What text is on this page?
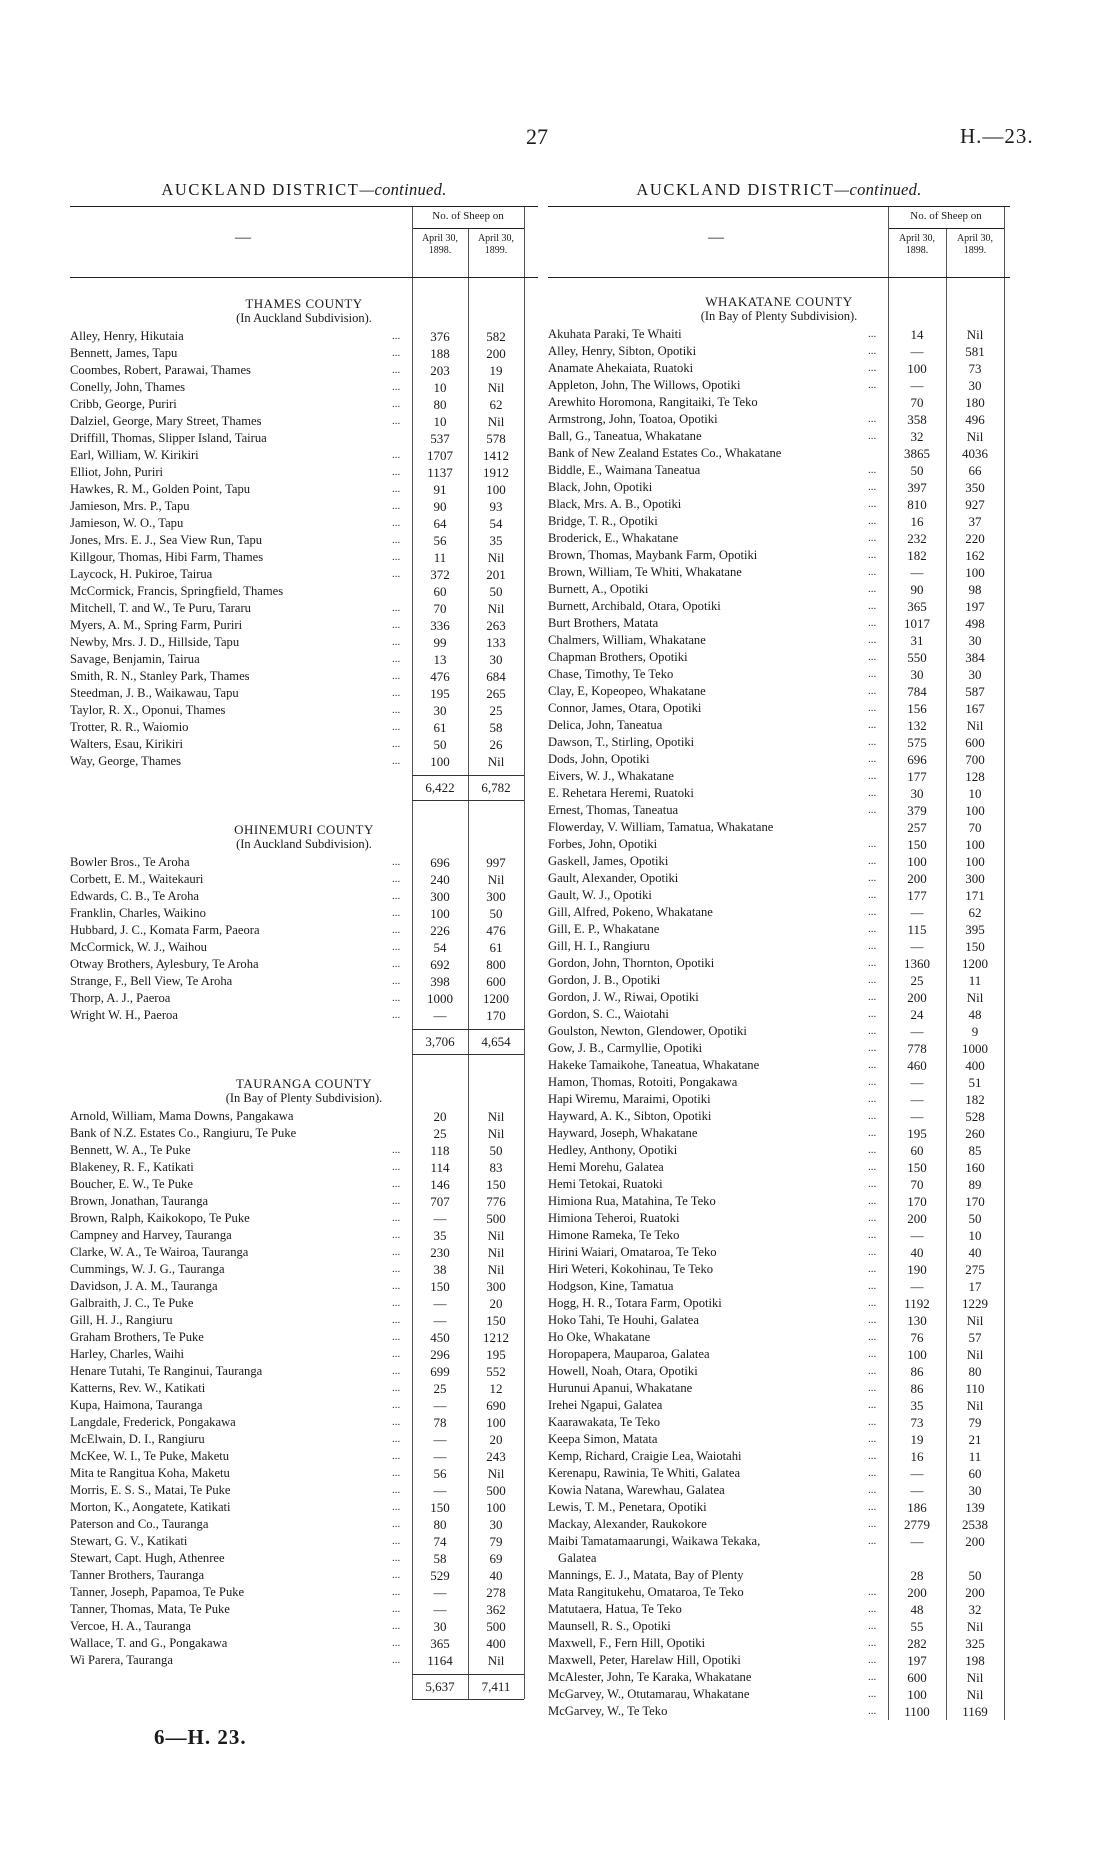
27	H.—23.
AUCKLAND DISTRICT—continued.
—
No. of Sheep on
April 30, 1898.
April 30, 1899.
THAMES COUNTY
(In Auckland Subdivision).
Alley, Henry, Hikutaia	...	376	582
Bennett, James, Tapu	...	188	200
Coombes, Robert, Parawai, Thames	...	203	19
Conelly, John, Thames	...	10	Nil
Cribb, George, Puriri	...	80	62
Dalziel, George, Mary Street, Thames	...	10	Nil
Driffill, Thomas, Slipper Island, Tairua	537	578
Earl, William, W. Kirikiri	...	1707	1412
Elliot, John, Puriri	...	1137	1912
Hawkes, R. M., Golden Point, Tapu	...	91	100
Jamieson, Mrs. P., Tapu	...	90	93
Jamieson, W. O., Tapu	...	64	54
Jones, Mrs. E. J., Sea View Run, Tapu	...	56	35
Killgour, Thomas, Hibi Farm, Thames	...	11	Nil
Laycock, H. Pukiroe, Tairua	...	372	201
McCormick, Francis, Springfield, Thames	60	50
Mitchell, T. and W., Te Puru, Tararu	...	70	Nil
Myers, A. M., Spring Farm, Puriri	...	336	263
Newby, Mrs. J. D., Hillside, Tapu	...	99	133
Savage, Benjamin, Tairua	...	13	30
Smith, R. N., Stanley Park, Thames	...	476	684
Steedman, J. B., Waikawau, Tapu	...	195	265
Taylor, R. X., Oponui, Thames	...	30	25
Trotter, R. R., Waiomio	...	61	58
Walters, Esau, Kirikiri	...	50	26
Way, George, Thames	...	100	Nil
6,422	6,782
OHINEMURI COUNTY
(In Auckland Subdivision).
Bowler Bros., Te Aroha	...	696	997
Corbett, E. M., Waitekauri	...	240	Nil
Edwards, C. B., Te Aroha	...	300	300
Franklin, Charles, Waikino	...	100	50
Hubbard, J. C., Komata Farm, Paeora	...	226	476
McCormick, W. J., Waihou	...	54	61
Otway Brothers, Aylesbury, Te Aroha	...	692	800
Strange, F., Bell View, Te Aroha	...	398	600
Thorp, A. J., Paeroa	...	1000	1200
Wright W. H., Paeroa	...	—	170
3,706	4,654
TAURANGA COUNTY
(In Bay of Plenty Subdivision).
Arnold, William, Mama Downs, Pangakawa	20	Nil
Bank of N.Z. Estates Co., Rangiuru, Te Puke	25	Nil
Bennett, W. A., Te Puke	...	118	50
Blakeney, R. F., Katikati	...	114	83
Boucher, E. W., Te Puke	...	146	150
Brown, Jonathan, Tauranga	...	707	776
Brown, Ralph, Kaikokopo, Te Puke	...	—	500
Campney and Harvey, Tauranga	...	35	Nil
Clarke, W. A., Te Wairoa, Tauranga	...	230	Nil
Cummings, W. J. G., Tauranga	...	38	Nil
Davidson, J. A. M., Tauranga	...	150	300
Galbraith, J. C., Te Puke	...	—	20
Gill, H. J., Rangiuru	...	—	150
Graham Brothers, Te Puke	...	450	1212
Harley, Charles, Waihi	...	296	195
Henare Tutahi, Te Ranginui, Tauranga	...	699	552
Katterns, Rev. W., Katikati	...	25	12
Kupa, Haimona, Tauranga	...	—	690
Langdale, Frederick, Pongakawa	...	78	100
McElwain, D. I., Rangiuru	...	—	20
McKee, W. I., Te Puke, Maketu	...	—	243
Mita te Rangitua Koha, Maketu	...	56	Nil
Morris, E. S. S., Matai, Te Puke	...	—	500
Morton, K., Aongatete, Katikati	...	150	100
Paterson and Co., Tauranga	...	80	30
Stewart, G. V., Katikati	...	74	79
Stewart, Capt. Hugh, Athenree	...	58	69
Tanner Brothers, Tauranga	...	529	40
Tanner, Joseph, Papamoa, Te Puke	...	—	278
Tanner, Thomas, Mata, Te Puke	...	—	362
Vercoe, H. A., Tauranga	...	30	500
Wallace, T. and G., Pongakawa	...	365	400
Wi Parera, Tauranga	...	1164	Nil
5,637	7,411
AUCKLAND DISTRICT—continued.
—
No. of Sheep on
April 30, 1898.
April 30, 1899.
WHAKATANE COUNTY
(In Bay of Plenty Subdivision).
Akuhata Paraki, Te Whaiti	...	14	Nil
Alley, Henry, Sibton, Opotiki	...	—	581
Anamate Ahekaiata, Ruatoki	...	100	73
Appleton, John, The Willows, Opotiki	...	—	30
Arewhito Horomona, Rangitaiki, Te Teko	70	180
Armstrong, John, Toatoa, Opotiki	...	358	496
Ball, G., Taneatua, Whakatane	...	32	Nil
Bank of New Zealand Estates Co., Whakatane	3865	4036
Biddle, E., Waimana Taneatua	...	50	66
Black, John, Opotiki	...	397	350
Black, Mrs. A. B., Opotiki	...	810	927
Bridge, T. R., Opotiki	...	16	37
Broderick, E., Whakatane	...	232	220
Brown, Thomas, Maybank Farm, Opotiki	...	182	162
Brown, William, Te Whiti, Whakatane	...	—	100
Burnett, A., Opotiki	...	90	98
Burnett, Archibald, Otara, Opotiki	...	365	197
Burt Brothers, Matata	...	1017	498
Chalmers, William, Whakatane	...	31	30
Chapman Brothers, Opotiki	...	550	384
Chase, Timothy, Te Teko	...	30	30
Clay, E, Kopeopeo, Whakatane	...	784	587
Connor, James, Otara, Opotiki	...	156	167
Delica, John, Taneatua	...	132	Nil
Dawson, T., Stirling, Opotiki	...	575	600
Dods, John, Opotiki	...	696	700
Eivers, W. J., Whakatane	...	177	128
E. Rehetara Heremi, Ruatoki	...	30	10
Ernest, Thomas, Taneatua	...	379	100
Flowerday, V. William, Tamatua, Whakatane	257	70
Forbes, John, Opotiki	...	150	100
Gaskell, James, Opotiki	...	100	100
Gault, Alexander, Opotiki	...	200	300
Gault, W. J., Opotiki	...	177	171
Gill, Alfred, Pokeno, Whakatane	...	—	62
Gill, E. P., Whakatane	...	115	395
Gill, H. I., Rangiuru	...	—	150
Gordon, John, Thornton, Opotiki	...	1360	1200
Gordon, J. B., Opotiki	...	25	11
Gordon, J. W., Riwai, Opotiki	...	200	Nil
Gordon, S. C., Waiotahi	...	24	48
Goulston, Newton, Glendower, Opotiki	...	—	9
Gow, J. B., Carmyllie, Opotiki	...	778	1000
Hakeke Tamaikohe, Taneatua, Whakatane	...	460	400
Hamon, Thomas, Rotoiti, Pongakawa	...	—	51
Hapi Wiremu, Maraimi, Opotiki	...	—	182
Hayward, A. K., Sibton, Opotiki	...	—	528
Hayward, Joseph, Whakatane	...	195	260
Hedley, Anthony, Opotiki	...	60	85
Hemi Morehu, Galatea	...	150	160
Hemi Tetokai, Ruatoki	...	70	89
Himiona Rua, Matahina, Te Teko	...	170	170
Himiona Teheroi, Ruatoki	...	200	50
Himone Rameka, Te Teko	...	—	10
Hirini Waiari, Omataroa, Te Teko	...	40	40
Hiri Weteri, Kokohinau, Te Teko	...	190	275
Hodgson, Kine, Tamatua	...	—	17
Hogg, H. R., Totara Farm, Opotiki	...	1192	1229
Hoko Tahi, Te Houhi, Galatea	...	130	Nil
Ho Oke, Whakatane	...	76	57
Horopapera, Mauparoa, Galatea	...	100	Nil
Howell, Noah, Otara, Opotiki	...	86	80
Hurunui Apanui, Whakatane	...	86	110
Irehei Ngapui, Galatea	...	35	Nil
Kaarawakata, Te Teko	...	73	79
Keepa Simon, Matata	...	19	21
Kemp, Richard, Craigie Lea, Waiotahi	...	16	11
Kerenapu, Rawinia, Te Whiti, Galatea	...	—	60
Kowia Natana, Warewhau, Galatea	...	—	30
Lewis, T. M., Penetara, Opotiki	...	186	139
Mackay, Alexander, Raukokore	...	2779	2538
Maibi Tamatamaarungi, Waikawa Tekaka,	...	—	200
Galatea
Mannings, E. J., Matata, Bay of Plenty	28	50
Mata Rangitukehu, Omataroa, Te Teko	...	200	200
Matutaera, Hatua, Te Teko	...	48	32
Maunsell, R. S., Opotiki	...	55	Nil
Maxwell, F., Fern Hill, Opotiki	...	282	325
Maxwell, Peter, Harelaw Hill, Opotiki	...	197	198
McAlester, John, Te Karaka, Whakatane	...	600	Nil
McGarvey, W., Otutamarau, Whakatane	...	100	Nil
McGarvey, W., Te Teko	...	1100	1169
6—H. 23.
